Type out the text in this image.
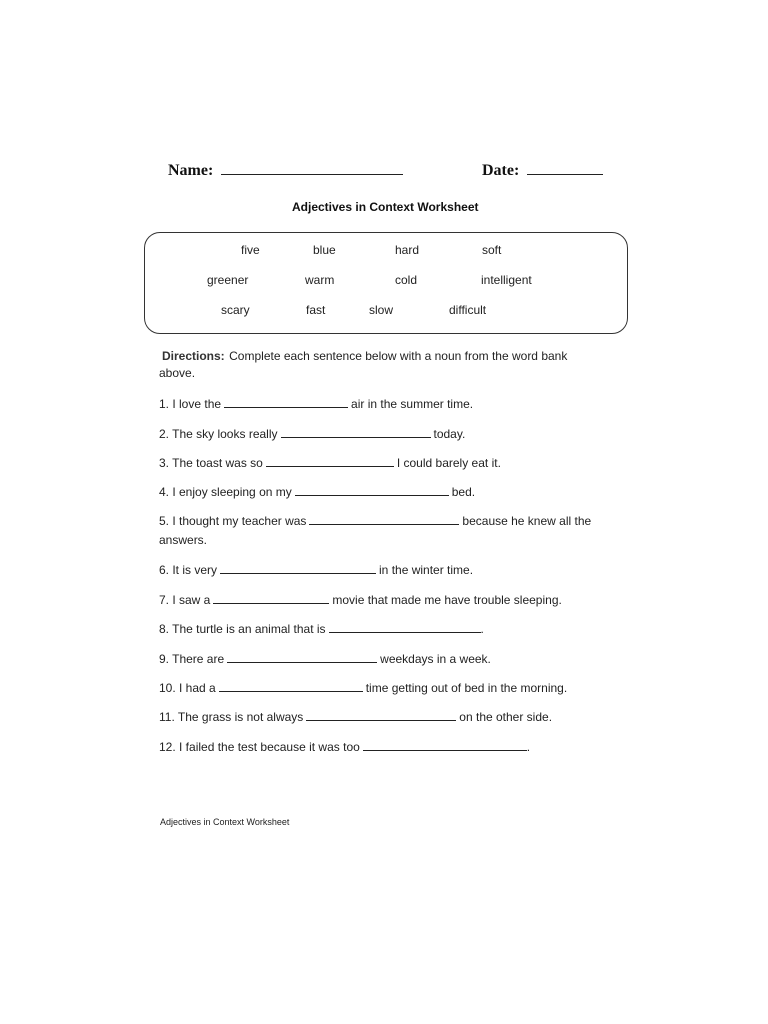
Name:	Date:
Adjectives in Context Worksheet
five	blue	hard	soft
greener	warm	cold	intelligent
scary	fast	slow	difficult
Directions: Complete each sentence below with a noun from the word bank
above.
1. I love the	air in the summer time.
2. The sky looks really	today.
3. The toast was so	I could barely eat it.
4. I enjoy sleeping on my	bed.
5. I thought my teacher was	because he knew all the
answers.
6. It is very	in the winter time.
7. I saw a	movie that made me have trouble sleeping.
8. The turtle is an animal that is	.
9. There are	weekdays in a week.
10. I had a	time getting out of bed in the morning.
11. The grass is not always	on the other side.
12. I failed the test because it was too	.
Adjectives in Context Worksheet
